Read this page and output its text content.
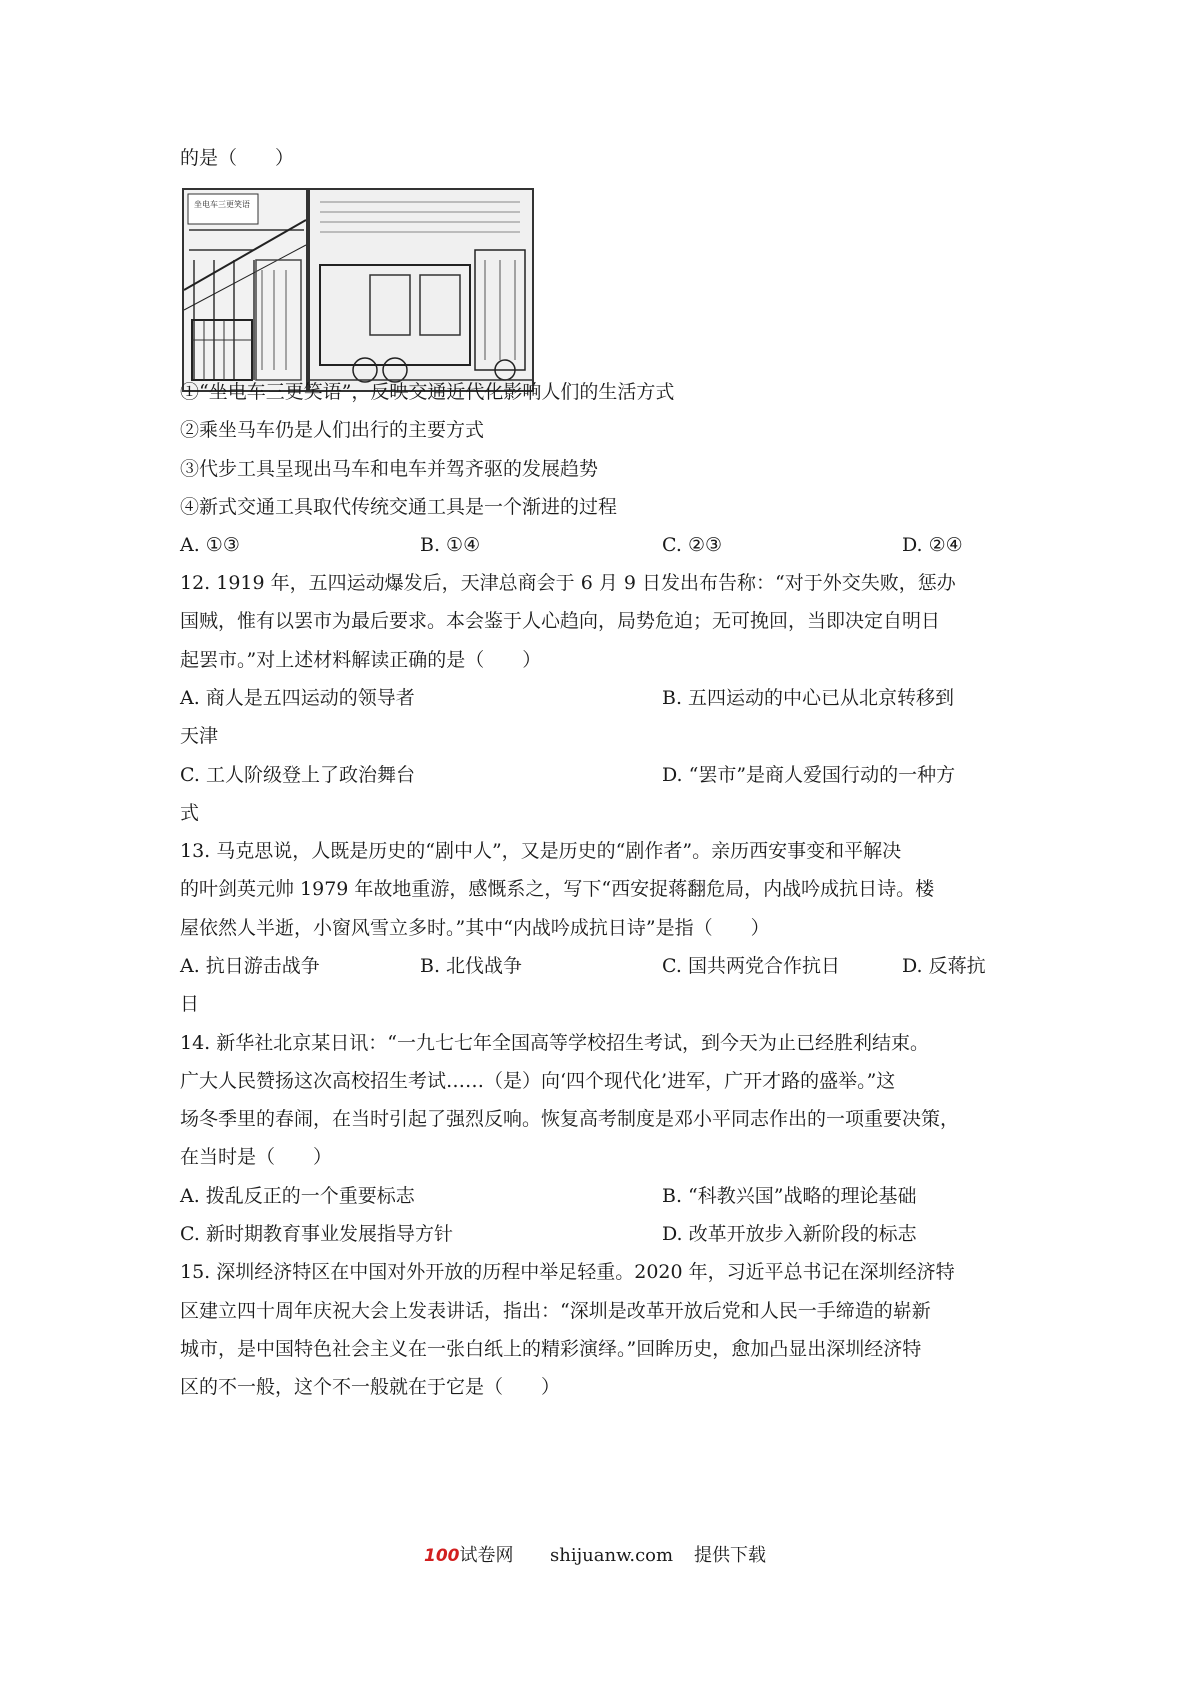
的是（　　）
坐电车三更笑语
①“坐电车三更笑语”，反映交通近代化影响人们的生活方式
②乘坐马车仍是人们出行的主要方式
③代步工具呈现出马车和电车并驾齐驱的发展趋势
④新式交通工具取代传统交通工具是一个渐进的过程
A. ①③	B. ①④	C. ②③	D. ②④
12. 1919 年，五四运动爆发后，天津总商会于 6 月 9 日发出布告称：“对于外交失败，惩办
国贼，惟有以罢市为最后要求。本会鉴于人心趋向，局势危迫；无可挽回，当即决定自明日
起罢市。”对上述材料解读正确的是（　　）
A. 商人是五四运动的领导者	B. 五四运动的中心已从北京转移到
天津
C. 工人阶级登上了政治舞台	D. “罢市”是商人爱国行动的一种方
式
13. 马克思说，人既是历史的“剧中人”，又是历史的“剧作者”。亲历西安事变和平解决
的叶剑英元帅 1979 年故地重游，感慨系之，写下“西安捉蒋翻危局，内战吟成抗日诗。楼
屋依然人半逝，小窗风雪立多时。”其中“内战吟成抗日诗”是指（　　）
A. 抗日游击战争	B. 北伐战争	C. 国共两党合作抗日	D. 反蒋抗
日
14. 新华社北京某日讯：“一九七七年全国高等学校招生考试，到今天为止已经胜利结束。
广大人民赞扬这次高校招生考试……（是）向‘四个现代化’进军，广开才路的盛举。”这
场冬季里的春闹，在当时引起了强烈反响。恢复高考制度是邓小平同志作出的一项重要决策，
在当时是（　　）
A. 拨乱反正的一个重要标志	B. “科教兴国”战略的理论基础
C. 新时期教育事业发展指导方针	D. 改革开放步入新阶段的标志
15. 深圳经济特区在中国对外开放的历程中举足轻重。2020 年，习近平总书记在深圳经济特
区建立四十周年庆祝大会上发表讲话，指出：“深圳是改革开放后党和人民一手缔造的崭新
城市，是中国特色社会主义在一张白纸上的精彩演绎。”回眸历史，愈加凸显出深圳经济特
区的不一般，这个不一般就在于它是（　　）
100试卷网 shijuanw.com 提供下载
